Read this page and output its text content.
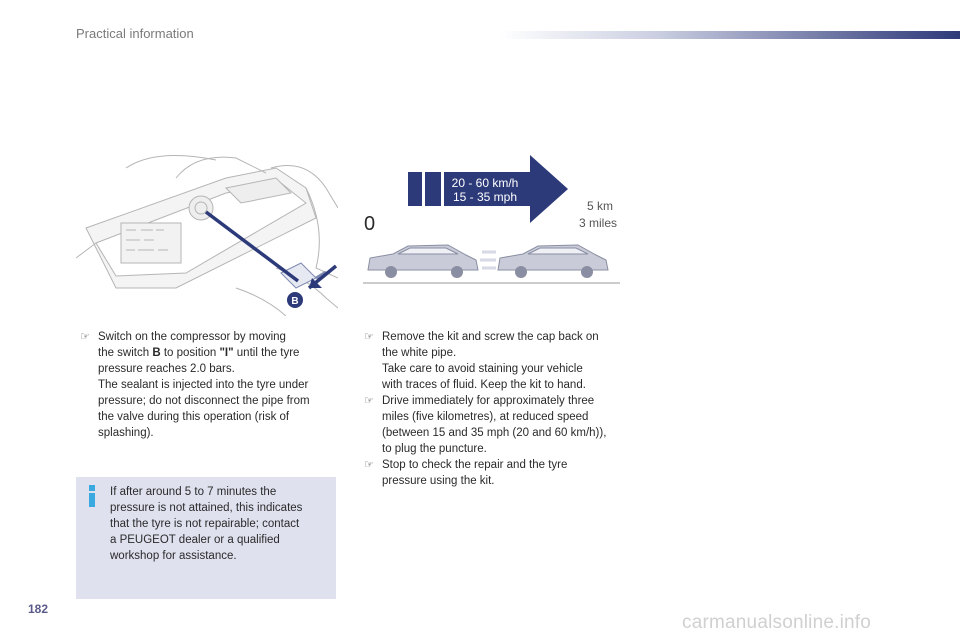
Practical information
B
20 - 60 km/h
15 - 35 mph
0
5 km
3 miles
☞ Switch on the compressor by moving

the switch B to position "I" until the tyre

pressure reaches 2.0 bars.

The sealant is injected into the tyre under

pressure; do not disconnect the pipe from

the valve during this operation (risk of

splashing).

If after around 5 to 7 minutes the
pressure is not attained, this indicates
that the tyre is not repairable; contact
a PEUGEOT dealer or a qualified
workshop for assistance.
☞ Remove the kit and screw the cap back on

the white pipe.

Take care to avoid staining your vehicle

with traces of fluid. Keep the kit to hand.

☞ Drive immediately for approximately three

miles (five kilometres), at reduced speed

(between 15 and 35 mph (20 and 60 km/h)),

to plug the puncture.

☞ Stop to check the repair and the tyre

pressure using the kit.

182
carmanualsonline.info
